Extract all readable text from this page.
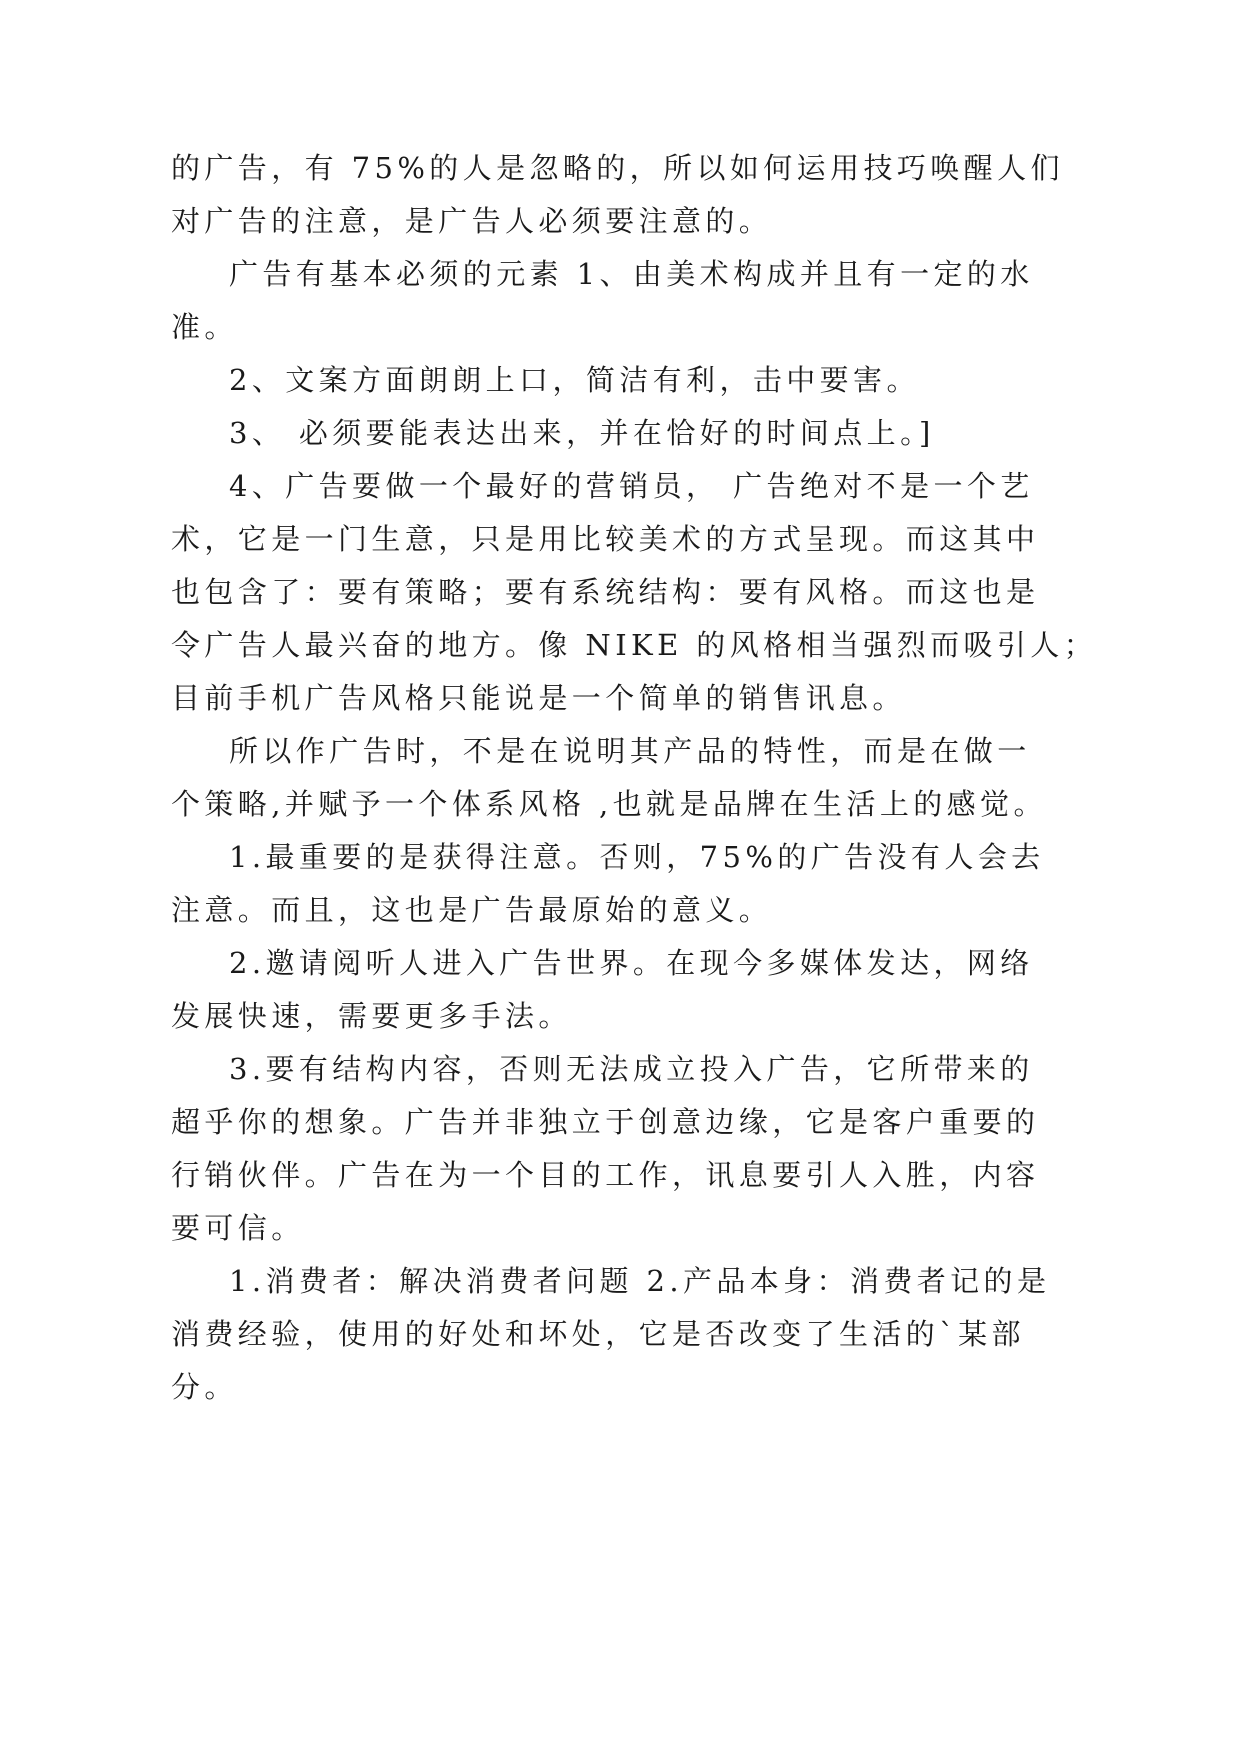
的广告，有 75%的人是忽略的，所以如何运用技巧唤醒人们

对广告的注意，是广告人必须要注意的。

广告有基本必须的元素 1、由美术构成并且有一定的水

准。

2、文案方面朗朗上口，简洁有利，击中要害。

3、 必须要能表达出来，并在恰好的时间点上。]

4、广告要做一个最好的营销员， 广告绝对不是一个艺

术，它是一门生意，只是用比较美术的方式呈现。而这其中

也包含了：要有策略；要有系统结构：要有风格。而这也是

令广告人最兴奋的地方。像 NIKE 的风格相当强烈而吸引人；

目前手机广告风格只能说是一个简单的销售讯息。

所以作广告时，不是在说明其产品的特性，而是在做一

个策略,并赋予一个体系风格 ,也就是品牌在生活上的感觉。

1.最重要的是获得注意。否则，75%的广告没有人会去

注意。而且，这也是广告最原始的意义。

2.邀请阅听人进入广告世界。在现今多媒体发达，网络

发展快速，需要更多手法。

3.要有结构内容，否则无法成立投入广告，它所带来的

超乎你的想象。广告并非独立于创意边缘，它是客户重要的

行销伙伴。广告在为一个目的工作，讯息要引人入胜，内容

要可信。

1.消费者：解决消费者问题 2.产品本身：消费者记的是

消费经验，使用的好处和坏处，它是否改变了生活的`某部

分。
